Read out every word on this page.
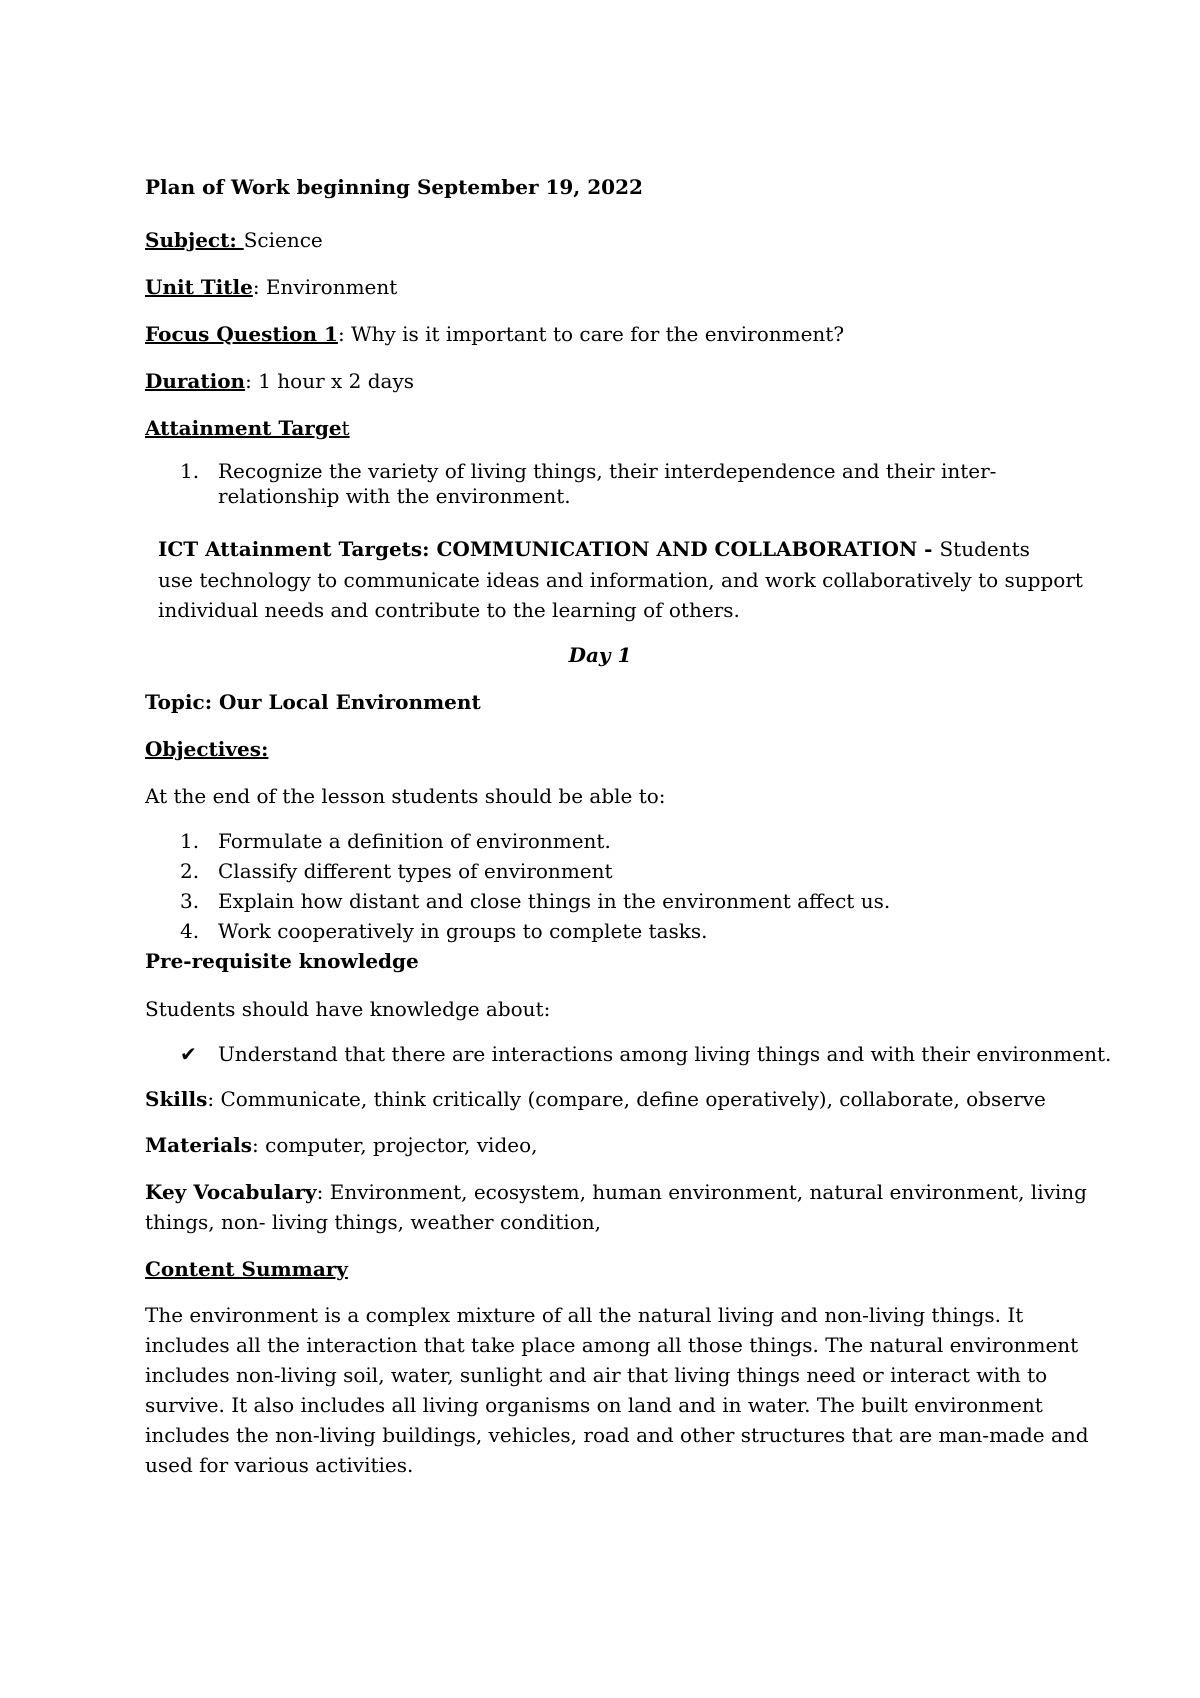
Plan of Work beginning September 19, 2022
Subject: Science
Unit Title: Environment
Focus Question 1: Why is it important to care for the environment?
Duration: 1 hour x 2 days
Attainment Target
1. Recognize the variety of living things, their interdependence and their inter-
relationship with the environment.
ICT Attainment Targets: COMMUNICATION AND COLLABORATION - Students
use technology to communicate ideas and information, and work collaboratively to support
individual needs and contribute to the learning of others.
Day 1
Topic: Our Local Environment
Objectives:
At the end of the lesson students should be able to:
1. Formulate a definition of environment.
2. Classify different types of environment
3. Explain how distant and close things in the environment affect us.
4. Work cooperatively in groups to complete tasks.
Pre-requisite knowledge
Students should have knowledge about:
✔ Understand that there are interactions among living things and with their environment.
Skills: Communicate, think critically (compare, define operatively), collaborate, observe
Materials: computer, projector, video,
Key Vocabulary: Environment, ecosystem, human environment, natural environment, living
things, non- living things, weather condition,
Content Summary
The environment is a complex mixture of all the natural living and non-living things. It
includes all the interaction that take place among all those things. The natural environment
includes non-living soil, water, sunlight and air that living things need or interact with to
survive. It also includes all living organisms on land and in water. The built environment
includes the non-living buildings, vehicles, road and other structures that are man-made and
used for various activities.
